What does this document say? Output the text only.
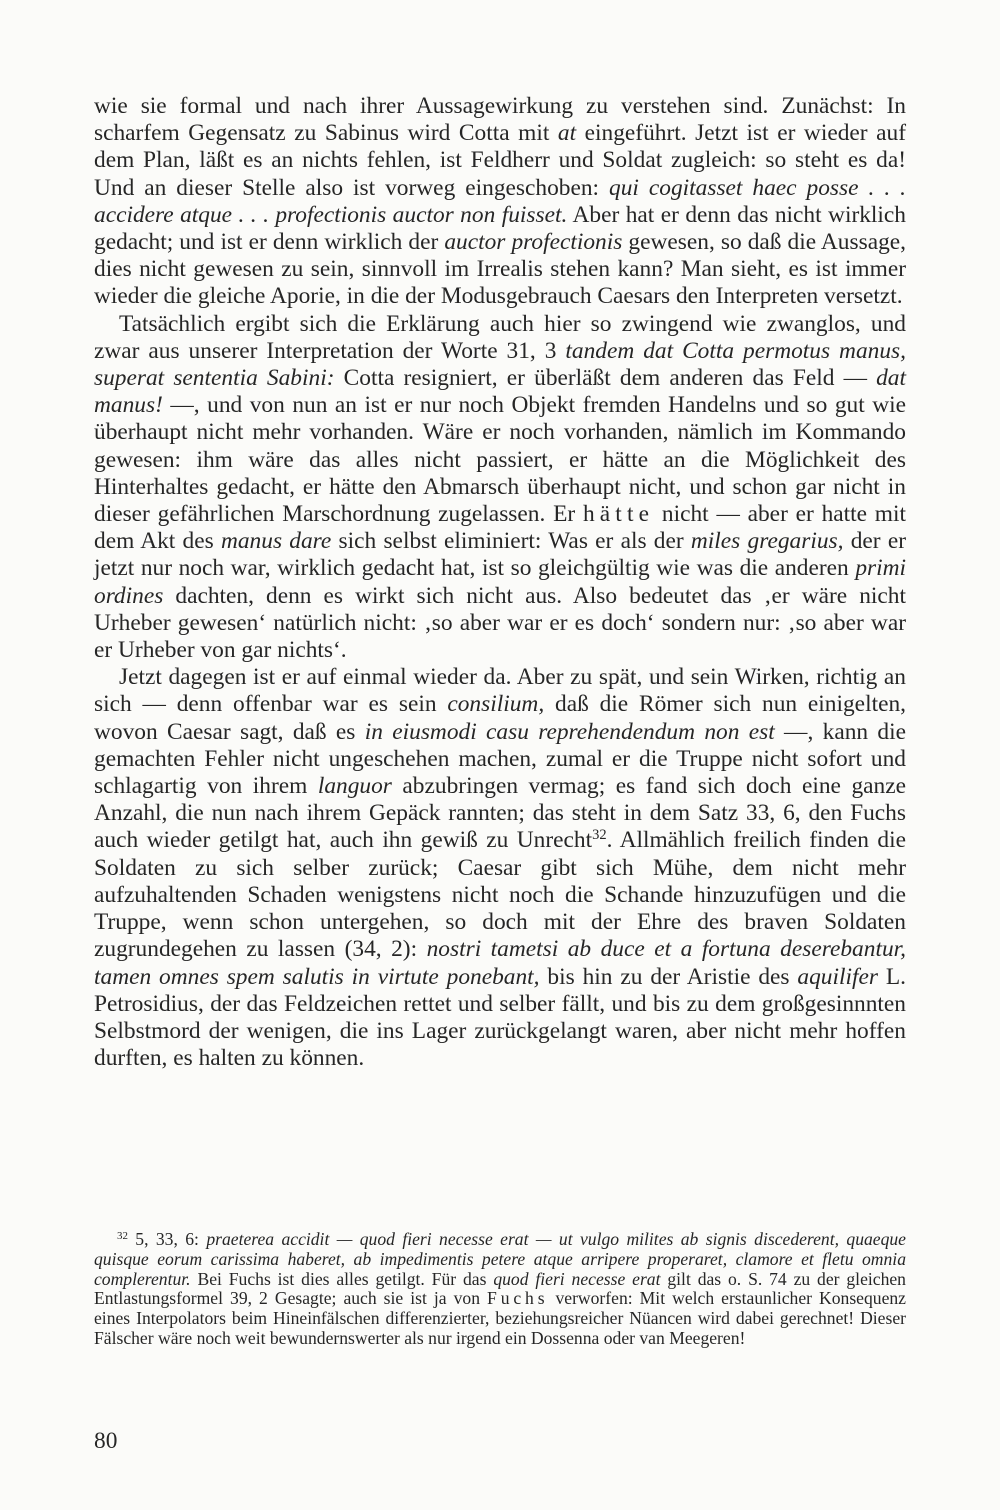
wie sie formal und nach ihrer Aussagewirkung zu verstehen sind. Zunächst: In scharfem Gegensatz zu Sabinus wird Cotta mit at eingeführt. Jetzt ist er wieder auf dem Plan, läßt es an nichts fehlen, ist Feldherr und Soldat zugleich: so steht es da! Und an dieser Stelle also ist vorweg eingeschoben: qui cogitasset haec posse . . . accidere atque . . . profectionis auctor non fuisset. Aber hat er denn das nicht wirklich gedacht; und ist er denn wirklich der auctor profectionis gewesen, so daß die Aussage, dies nicht gewesen zu sein, sinnvoll im Irrealis stehen kann? Man sieht, es ist immer wieder die gleiche Aporie, in die der Modusgebrauch Caesars den Interpreten versetzt.

Tatsächlich ergibt sich die Erklärung auch hier so zwingend wie zwanglos, und zwar aus unserer Interpretation der Worte 31, 3 tandem dat Cotta permotus manus, superat sententia Sabini: Cotta resigniert, er überläßt dem anderen das Feld — dat manus! —, und von nun an ist er nur noch Objekt fremden Handelns und so gut wie überhaupt nicht mehr vorhanden. Wäre er noch vorhanden, nämlich im Kommando gewesen: ihm wäre das alles nicht passiert, er hätte an die Möglichkeit des Hinterhaltes gedacht, er hätte den Abmarsch überhaupt nicht, und schon gar nicht in dieser gefährlichen Marschordnung zugelassen. Er hätte nicht — aber er hatte mit dem Akt des manus dare sich selbst eliminiert: Was er als der miles gregarius, der er jetzt nur noch war, wirklich gedacht hat, ist so gleichgültig wie was die anderen primi ordines dachten, denn es wirkt sich nicht aus. Also bedeutet das ‚er wäre nicht Urheber gewesen‘ natürlich nicht: ‚so aber war er es doch‘ sondern nur: ‚so aber war er Urheber von gar nichts‘.

Jetzt dagegen ist er auf einmal wieder da. Aber zu spät, und sein Wirken, richtig an sich — denn offenbar war es sein consilium, daß die Römer sich nun einigelten, wovon Caesar sagt, daß es in eiusmodi casu reprehendendum non est —, kann die gemachten Fehler nicht ungeschehen machen, zumal er die Truppe nicht sofort und schlagartig von ihrem languor abzubringen vermag; es fand sich doch eine ganze Anzahl, die nun nach ihrem Gepäck rannten; das steht in dem Satz 33, 6, den Fuchs auch wieder getilgt hat, auch ihn gewiß zu Unrecht$^{32}$. Allmählich freilich finden die Soldaten zu sich selber zurück; Caesar gibt sich Mühe, dem nicht mehr aufzuhaltenden Schaden wenigstens nicht noch die Schande hinzuzufügen und die Truppe, wenn schon untergehen, so doch mit der Ehre des braven Soldaten zugrundegehen zu lassen (34, 2): nostri tametsi ab duce et a fortuna deserebantur, tamen omnes spem salutis in virtute ponebant, bis hin zu der Aristie des aquilifer L. Petrosidius, der das Feldzeichen rettet und selber fällt, und bis zu dem großgesinnnten Selbstmord der wenigen, die ins Lager zurückgelangt waren, aber nicht mehr hoffen durften, es halten zu können.

$^{32}$ 5, 33, 6: praeterea accidit — quod fieri necesse erat — ut vulgo milites ab signis discederent, quaeque quisque eorum carissima haberet, ab impedimentis petere atque arripere properaret, clamore et fletu omnia complerentur. Bei Fuchs ist dies alles getilgt. Für das quod fieri necesse erat gilt das o. S. 74 zu der gleichen Entlastungsformel 39, 2 Gesagte; auch sie ist ja von Fuchs verworfen: Mit welch erstaunlicher Konsequenz eines Interpolators beim Hineinfälschen differenzierter, beziehungsreicher Nüancen wird dabei gerechnet! Dieser Fälscher wäre noch weit bewundernswerter als nur irgend ein Dossenna oder van Meegeren!

80
